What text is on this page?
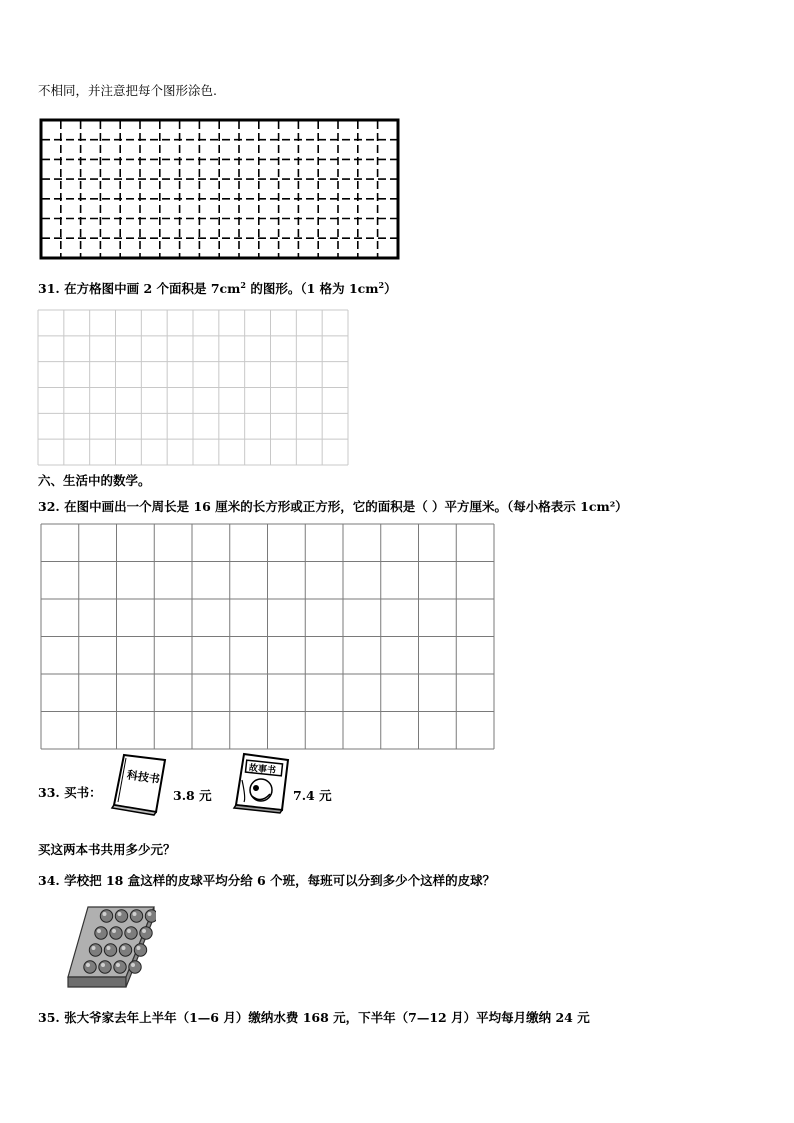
不相同，并注意把每个图形涂色.
31. 在方格图中画 2 个面积是 $7cm^2$ 的图形。（1 格为 $1cm^2$）
六、生活中的数学。
32. 在图中画出一个周长是 16 厘米的长方形或正方形，它的面积是（ ）平方厘米。（每小格表示 1cm²）
33. 买书：
科技书
3.8 元
故事书
7.4 元
买这两本书共用多少元？
34. 学校把 18 盒这样的皮球平均分给 6 个班，每班可以分到多少个这样的皮球？
35. 张大爷家去年上半年（1—6 月）缴纳水费 168 元，下半年（7—12 月）平均每月缴纳 24 元
